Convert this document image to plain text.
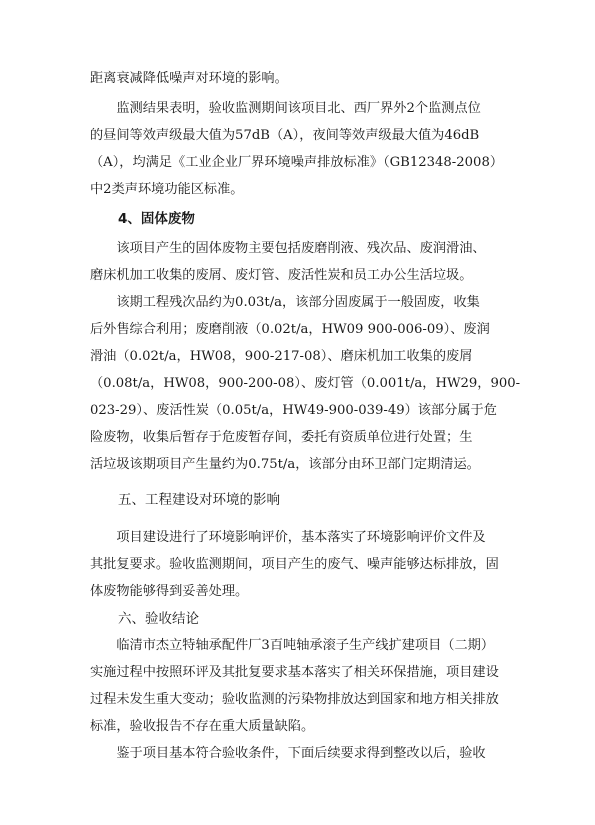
距离衰减降低噪声对环境的影响。
　　监测结果表明，验收监测期间该项目北、西厂界外2个监测点位
的昼间等效声级最大值为57dB（A），夜间等效声级最大值为46dB
（A），均满足《工业企业厂界环境噪声排放标准》（GB12348-2008）
中2类声环境功能区标准。
4、固体废物
　　该项目产生的固体废物主要包括废磨削液、残次品、废润滑油、
磨床机加工收集的废屑、废灯管、废活性炭和员工办公生活垃圾。
　　该期工程残次品约为0.03t/a，该部分固废属于一般固废，收集
后外售综合利用；废磨削液（0.02t/a，HW09 900-006-09）、废润
滑油（0.02t/a，HW08，900-217-08）、磨床机加工收集的废屑
（0.08t/a，HW08，900-200-08）、废灯管（0.001t/a，HW29，900-
023-29）、废活性炭（0.05t/a，HW49-900-039-49）该部分属于危
险废物，收集后暂存于危废暂存间，委托有资质单位进行处置；生
活垃圾该期项目产生量约为0.75t/a，该部分由环卫部门定期清运。
五、工程建设对环境的影响
　　项目建设进行了环境影响评价，基本落实了环境影响评价文件及
其批复要求。验收监测期间，项目产生的废气、噪声能够达标排放，固
体废物能够得到妥善处理。
六、验收结论
　　临清市杰立特轴承配件厂3百吨轴承滚子生产线扩建项目（二期）
实施过程中按照环评及其批复要求基本落实了相关环保措施，项目建设
过程未发生重大变动；验收监测的污染物排放达到国家和地方相关排放
标准，验收报告不存在重大质量缺陷。
　　鉴于项目基本符合验收条件，下面后续要求得到整改以后，验收
